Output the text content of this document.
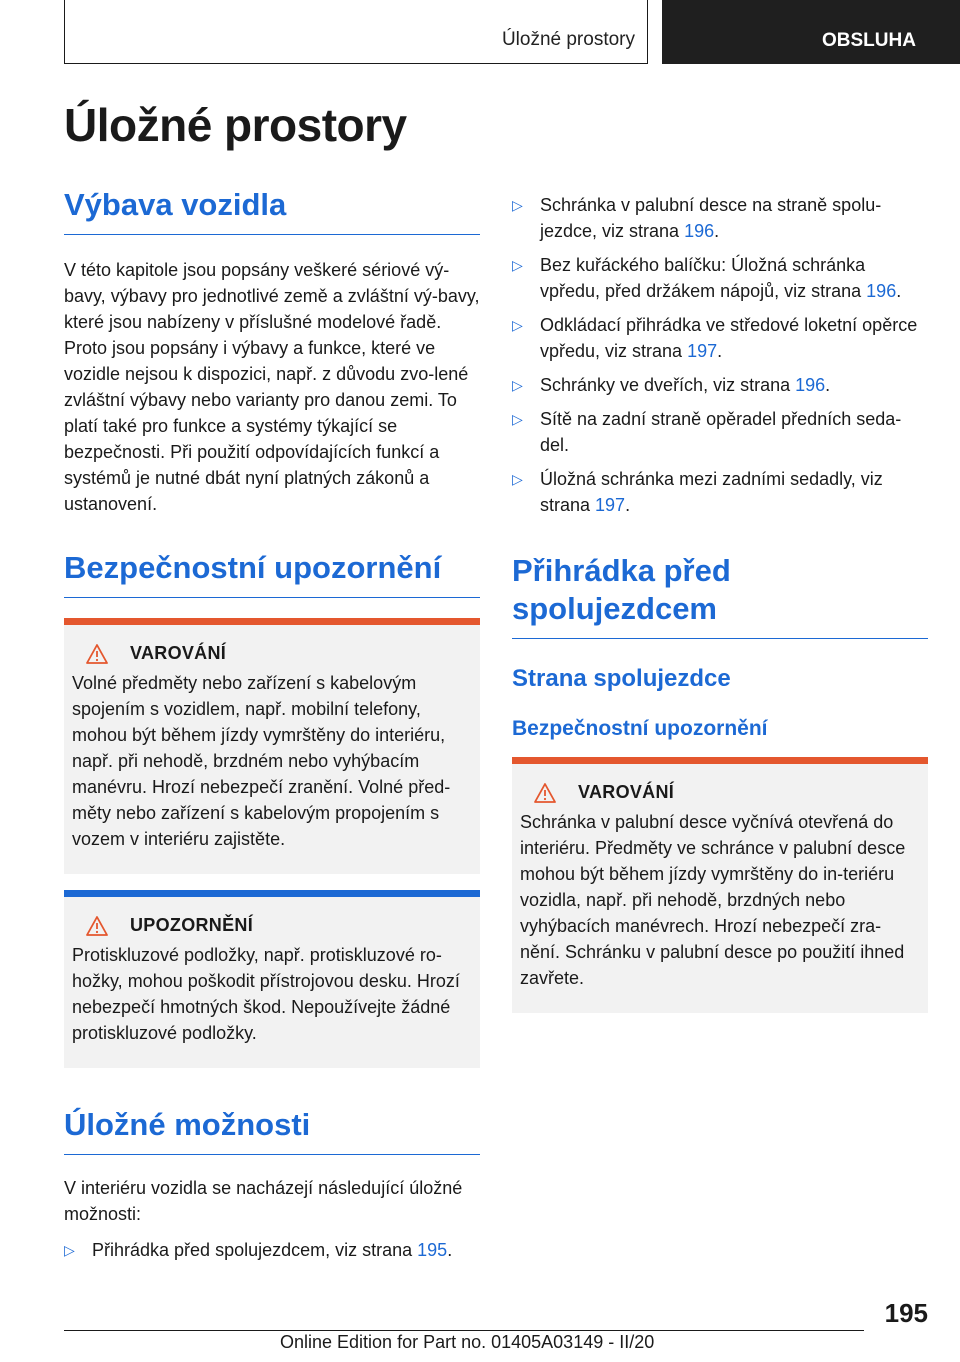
Úložné prostory	OBSLUHA
Úložné prostory
Výbava vozidla

V této kapitole jsou popsány veškeré sériové vý-bavy, výbavy pro jednotlivé země a zvláštní vý-bavy, které jsou nabízeny v příslušné modelové řadě. Proto jsou popsány i výbavy a funkce, které ve vozidle nejsou k dispozici, např. z důvodu zvo-lené zvláštní výbavy nebo varianty pro danou zemi. To platí také pro funkce a systémy týkající se bezpečnosti. Při použití odpovídajících funkcí a systémů je nutné dbát nyní platných zákonů a ustanovení.

Bezpečnostní upozornění
VAROVÁNÍ

Volné předměty nebo zařízení s kabelovým spojením s vozidlem, např. mobilní telefony, mohou být během jízdy vymrštěny do interiéru, např. při nehodě, brzdném nebo vyhýbacím manévru. Hrozí nebezpečí zranění. Volné před-měty nebo zařízení s kabelovým propojením s vozem v interiéru zajistěte.

UPOZORNĚNÍ

Protiskluzové podložky, např. protiskluzové ro-hožky, mohou poškodit přístrojovou desku. Hrozí nebezpečí hmotných škod. Nepoužívejte žádné protiskluzové podložky.

Úložné možnosti

V interiéru vozidla se nacházejí následující úložné možnosti:

▷ Přihrádka před spolujezdcem, viz strana 195.
▷ Schránka v palubní desce na straně spolu-jezdce, viz strana 196.
▷ Bez kuřáckého balíčku: Úložná schránka vpředu, před držákem nápojů, viz strana 196.
▷ Odkládací přihrádka ve středové loketní opěrce vpředu, viz strana 197.
▷ Schránky ve dveřích, viz strana 196.
▷ Sítě na zadní straně opěradel předních seda-del.
▷ Úložná schránka mezi zadními sedadly, viz strana 197.
Přihrádka před spolujezdcem
Strana spolujezdce
Bezpečnostní upozornění
VAROVÁNÍ

Schránka v palubní desce vyčnívá otevřená do interiéru. Předměty ve schránce v palubní desce mohou být během jízdy vymrštěny do in-teriéru vozidla, např. při nehodě, brzdných nebo vyhýbacích manévrech. Hrozí nebezpečí zra-nění. Schránku v palubní desce po použití ihned zavřete.

195
Online Edition for Part no. 01405A03149 - II/20
